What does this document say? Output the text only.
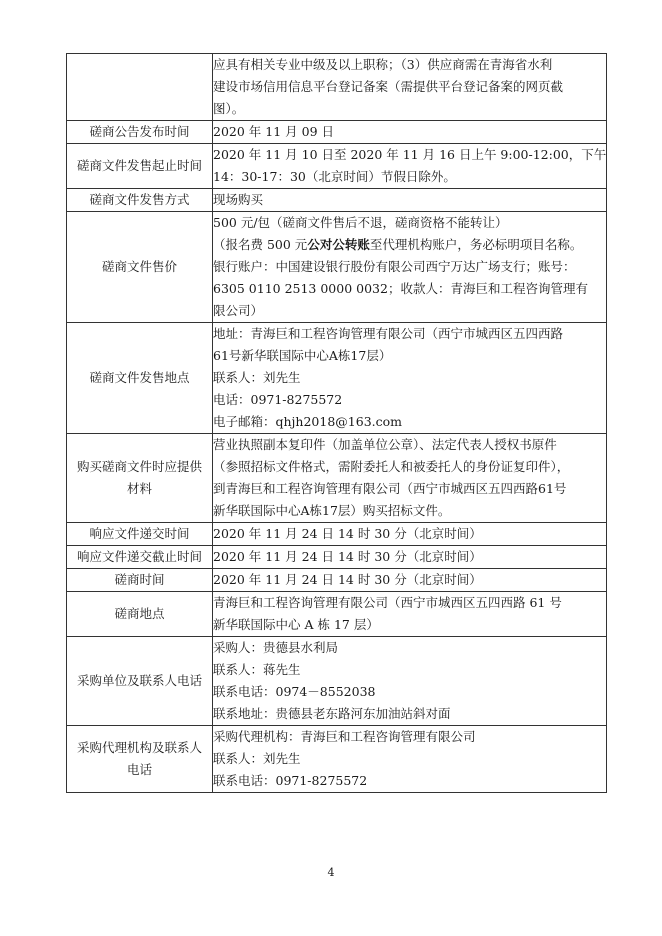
	应具有相关专业中级及以上职称；（3）供应商需在青海省水利
建设市场信用信息平台登记备案（需提供平台登记备案的网页截
图）。

磋商公告发布时间	2020 年 11 月 09 日

磋商文件发售起止时间	2020 年 11 月 10 日至 2020 年 11 月 16 日上午 9:00-12:00，下午
14：30-17：30（北京时间）节假日除外。

磋商文件发售方式	现场购买

磋商文件售价	500 元/包（磋商文件售后不退，磋商资格不能转让）
（报名费 500 元公对公转账至代理机构账户，务必标明项目名称。
银行账户：中国建设银行股份有限公司西宁万达广场支行；账号：
6305 0110 2513 0000 0032；收款人：青海巨和工程咨询管理有
限公司）

磋商文件发售地点	地址：青海巨和工程咨询管理有限公司（西宁市城西区五四西路
61号新华联国际中心A栋17层）
联系人：刘先生
电话：0971-8275572
电子邮箱：qhjh2018@163.com

购买磋商文件时应提供
材料	营业执照副本复印件（加盖单位公章）、法定代表人授权书原件
（参照招标文件格式，需附委托人和被委托人的身份证复印件），
到青海巨和工程咨询管理有限公司（西宁市城西区五四西路61号
新华联国际中心A栋17层）购买招标文件。

响应文件递交时间	2020 年 11 月 24 日 14 时 30 分（北京时间）

响应文件递交截止时间	2020 年 11 月 24 日 14 时 30 分（北京时间）

磋商时间	2020 年 11 月 24 日 14 时 30 分（北京时间）

磋商地点	青海巨和工程咨询管理有限公司（西宁市城西区五四西路 61 号
新华联国际中心 A 栋 17 层）

采购单位及联系人电话	采购人：贵德县水利局
联系人：蒋先生
联系电话：0974－8552038
联系地址：贵德县老东路河东加油站斜对面

采购代理机构及联系人
电话	采购代理机构：青海巨和工程咨询管理有限公司
联系人：刘先生
联系电话：0971-8275572
4
